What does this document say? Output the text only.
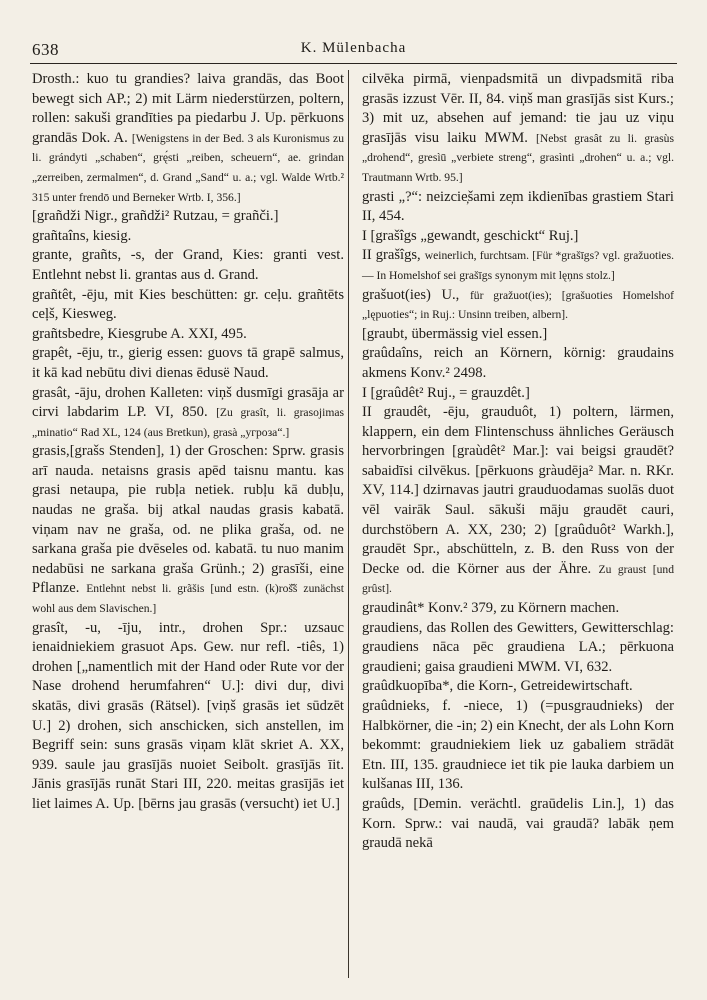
638	K. Mülenbacha

Drosth.: kuo tu grandies? laiva grandās, das Boot bewegt sich AP.; 2) mit Lärm niederstürzen, poltern, rollen: sakuši grandīties pa piedarbu J. Up. pērkuons grandās Dok. A. [Wenigstens in der Bed. 3 als Kuronismus zu li. grándyti „schaben“, grę́sti „reiben, scheuern“, ae. grindan „zerreiben, zermalmen“, d. Grand „Sand“ u. a.; vgl. Walde Wrtb.² 315 unter frendō und Berneker Wrtb. I, 356.]

[grañdži Nigr., grañdži² Rutzau, = grañči.]

grañtaîns, kiesig.

grante, grañts, -s, der Grand, Kies: granti vest. Entlehnt nebst li. grantas aus d. Grand.

grañtêt, -ēju, mit Kies beschütten: gr. ceļu. grañtēts ceļš, Kiesweg.

grañtsbedre, Kiesgrube A. XXI, 495.

grapêt, -ēju, tr., gierig essen: guovs tā grapē salmus, it kā kad nebūtu divi dienas ēdusë Naud.

grasât, -āju, drohen Kalleten: viņš dusmīgi grasāja ar cirvi labdarim LP. VI, 850. [Zu grasît, li. grasojimas „minatio“ Rad XL, 124 (aus Bretkun), grasà „угроза“.]

grasis,[grašs Stenden], 1) der Groschen: Sprw. grasis arī nauda. netaisns grasis apēd taisnu mantu. kas grasi netaupa, pie rubļa netiek. rubļu kā dubļu, naudas ne graša. bij atkal naudas grasis kabatā. viņam nav ne graša, od. ne plika graša, od. ne sarkana graša pie dvēseles od. kabatā. tu nuo manim nedabūsi ne sarkana graša Grünh.; 2) grasīši, eine Pflanze. Entlehnt nebst li. grãšis [und estn. (k)roš̌š zunächst wohl aus dem Slavischen.]

grasît, -u, -īju, intr., drohen Spr.: uzsauc ienaidniekiem grasuot Aps. Gew. nur refl. -tiês, 1) drohen [„namentlich mit der Hand oder Rute vor der Nase drohend herumfahren“ U.]: divi duŗ, divi skatās, divi grasās (Rätsel). [viņš grasās iet sūdzēt U.] 2) drohen, sich anschicken, sich anstellen, im Begriff sein: suns grasās viņam klāt skriet A. XX, 939. saule jau grasījās nuoiet Seibolt. grasījās īit. Jānis grasījās runāt Stari III, 220. meitas grasījās iet liet laimes A. Up. [bērns jau grasās (versucht) iet U.]

cilvēka pirmā, vienpadsmitā un divpadsmitā riba grasās izzust Vēr. II, 84. viņš man grasījās sist Kurs.; 3) mit uz, absehen auf jemand: tie jau uz viņu grasījās visu laiku MWM. [Nebst grasât zu li. grasùs „drohend“, gresìū „verbiete streng“, grasìnti „drohen“ u. a.; vgl. Trautmann Wrtb. 95.]

grasti „?“: neizcie̦šami ze̦m ikdienības grastiem Stari II, 454.

I [grašîgs „gewandt, geschickt“ Ruj.]

II grašîgs, weinerlich, furchtsam. [Für *grašīgs? vgl. gražuoties. — In Homelshof sei grašīgs synonym mit lęņns stolz.]

grašuot(ies) U., für gražuot(ies); [grašuoties Homelshof „lępuoties“; in Ruj.: Unsinn treiben, albern].

[graubt, übermässig viel essen.]

graûdaîns, reich an Körnern, körnig: graudains akmens Konv.² 2498.

I [graûdêt² Ruj., = grauzdêt.]

II graudêt, -ēju, grauduôt, 1) poltern, lärmen, klappern, ein dem Flintenschuss ähnliches Geräusch hervorbringen [graùdêt² Mar.]: vai beigsi graudēt? sabaidīsi cilvēkus. [pērkuons gràudēja² Mar. n. RKr. XV, 114.] dzirnavas jautri grauduodamas suolās duot vēl vairāk Saul. sākuši māju graudēt cauri, durchstöbern A. XX, 230; 2) [graûduôt² Warkh.], graudēt Spr., abschütteln, z. B. den Russ von der Decke od. die Körner aus der Ähre. Zu graust [und grûst].

graudinât* Konv.² 379, zu Körnern machen.

graudiens, das Rollen des Gewitters, Gewitterschlag: graudiens nāca pēc graudiena LA.; pērkuona graudieni; gaisa graudieni MWM. VI, 632.

graûdkuopība*, die Korn-, Getreidewirtschaft.

graûdnieks, f. -niece, 1) (=pusgraudnieks) der Halbkörner, die -in; 2) ein Knecht, der als Lohn Korn bekommt: graudniekiem liek uz gabaliem strādāt Etn. III, 135. graudniece iet tik pie lauka darbiem un kulšanas III, 136.

graûds, [Demin. verächtl. graūdelis Lin.], 1) das Korn. Sprw.: vai naudā, vai graudā? labāk ņem graudā nekā
